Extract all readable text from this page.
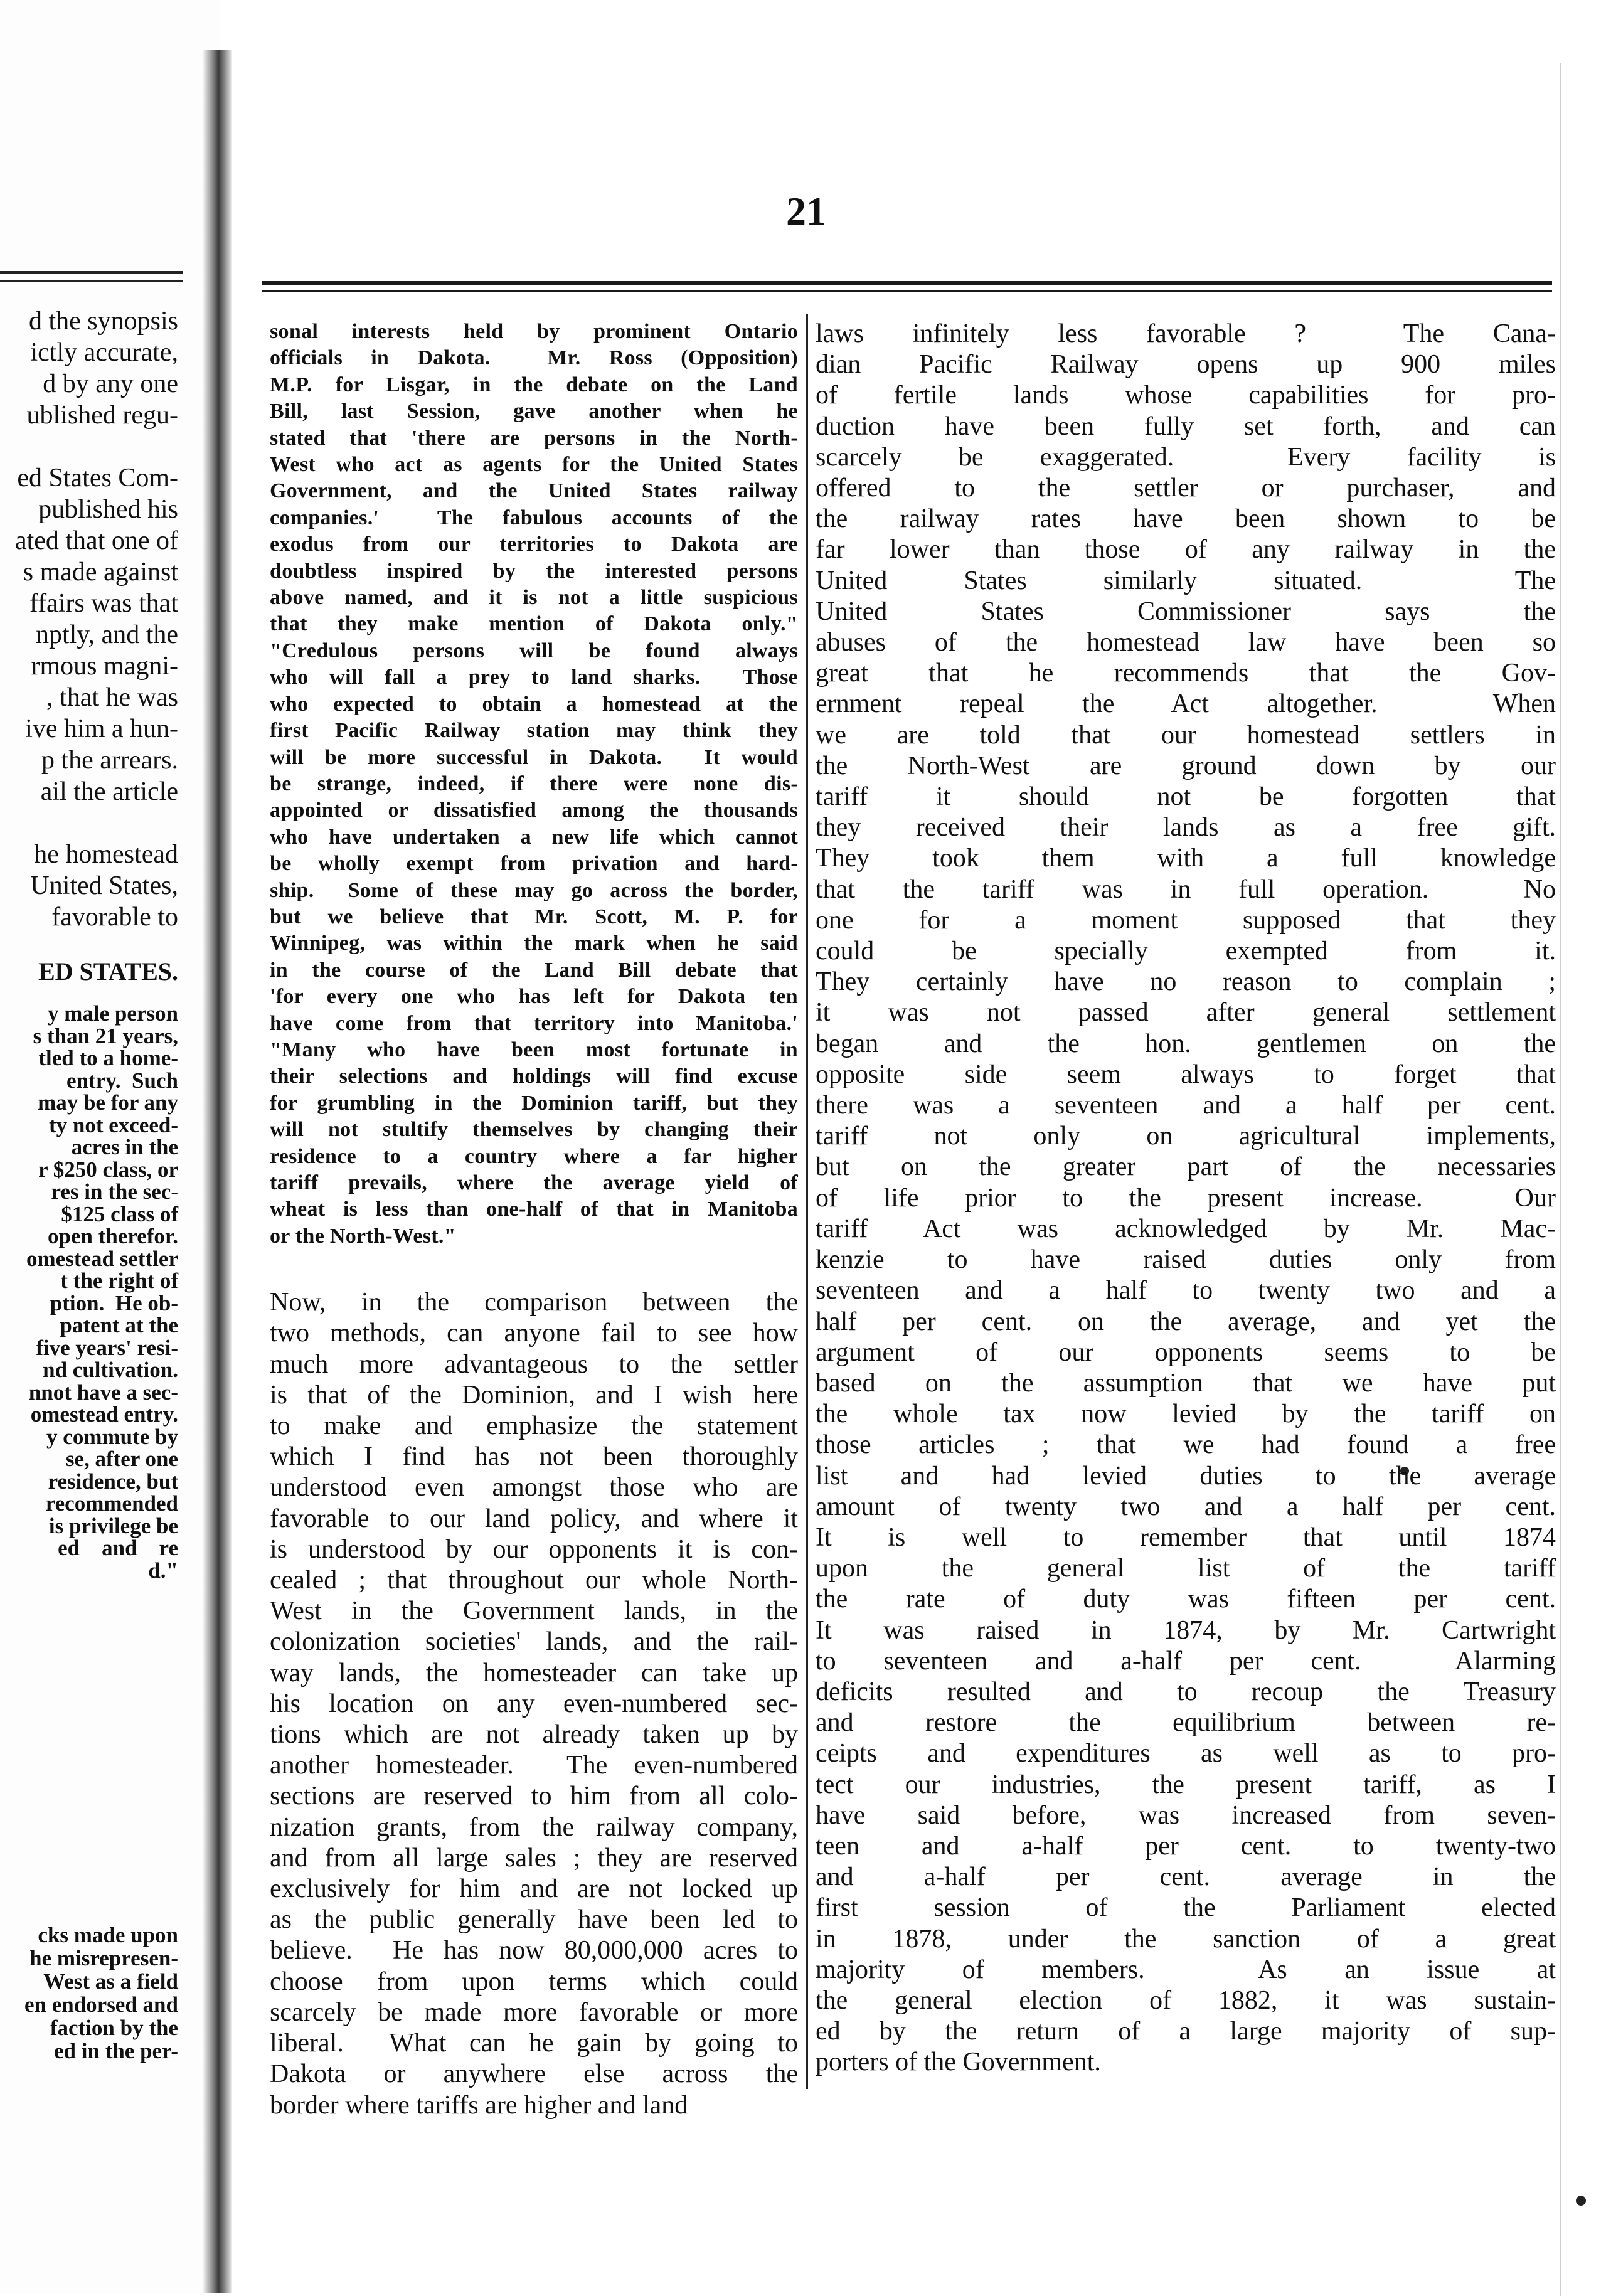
d the synopsis
ictly accurate,
d by any one
ublished regu-
ed States Com-
published his
ated that one of
s made against
ffairs was that
nptly, and the
rmous magni-
, that he was
ive him a hun-
p the arrears.
ail the article
he homestead
United States,
favorable to
ED STATES.
y male person
s than 21 years,
tled to a home-
entry.  Such
may be for any
ty not exceed-
acres in the
r $250 class, or
res in the sec-
$125 class of
open therefor.
omestead settler
t the right of
ption.  He ob-
patent at the
five years' resi-
nd cultivation.
nnot have a sec-
omestead entry.
y commute by
se, after one
residence, but
recommended
is privilege be
ed    and    re
d."
cks made upon
he misrepresen-
West as a field
en endorsed and
faction by the
ed in the per-
21
sonal interests held by prominent Ontario
officials in Dakota.  Mr. Ross (Opposition)
M.P. for Lisgar, in the debate on the Land
Bill, last Session, gave another when he
stated that 'there are persons in the North-
West who act as agents for the United States
Government, and the United States railway
companies.'  The fabulous accounts of the
exodus from our territories to Dakota are
doubtless inspired by the interested persons
above named, and it is not a little suspicious
that they make mention of Dakota only."
"Credulous persons will be found always
who will fall a prey to land sharks.  Those
who expected to obtain a homestead at the
first Pacific Railway station may think they
will be more successful in Dakota.  It would
be strange, indeed, if there were none dis-
appointed or dissatisfied among the thousands
who have undertaken a new life which cannot
be wholly exempt from privation and hard-
ship.  Some of these may go across the border,
but we believe that Mr. Scott, M. P. for
Winnipeg, was within the mark when he said
in the course of the Land Bill debate that
'for every one who has left for Dakota ten
have come from that territory into Manitoba.'
"Many who have been most fortunate in
their selections and holdings will find excuse
for grumbling in the Dominion tariff, but they
will not stultify themselves by changing their
residence to a country where a far higher
tariff prevails, where the average yield of
wheat is less than one-half of that in Manitoba
or the North-West."
Now, in the comparison between the
two methods, can anyone fail to see how
much more advantageous to the settler
is that of the Dominion, and I wish here
to make and emphasize the statement
which I find has not been thoroughly
understood even amongst those who are
favorable to our land policy, and where it
is understood by our opponents it is con-
cealed ; that throughout our whole North-
West in the Government lands, in the
colonization societies' lands, and the rail-
way lands, the homesteader can take up
his location on any even-numbered sec-
tions which are not already taken up by
another homesteader.  The even-numbered
sections are reserved to him from all colo-
nization grants, from the railway company,
and from all large sales ; they are reserved
exclusively for him and are not locked up
as the public generally have been led to
believe.  He has now 80,000,000 acres to
choose from upon terms which could
scarcely be made more favorable or more
liberal.  What can he gain by going to
Dakota or anywhere else across the
border where tariffs are higher and land
laws infinitely less favorable ?  The Cana-
dian Pacific Railway opens up 900 miles
of fertile lands whose capabilities for pro-
duction have been fully set forth, and can
scarcely be exaggerated.  Every facility is
offered to the settler or purchaser, and
the railway rates have been shown to be
far lower than those of any railway in the
United States similarly situated.  The
United States Commissioner says the
abuses of the homestead law have been so
great that he recommends that the Gov-
ernment repeal the Act altogether.  When
we are told that our homestead settlers in
the North-West are ground down by our
tariff it should not be forgotten that
they received their lands as a free gift.
They took them with a full knowledge
that the tariff was in full operation.  No
one for a moment supposed that they
could be specially exempted from it.
They certainly have no reason to complain ;
it was not passed after general settlement
began and the hon. gentlemen on the
opposite side seem always to forget that
there was a seventeen and a half per cent.
tariff not only on agricultural implements,
but on the greater part of the necessaries
of life prior to the present increase.  Our
tariff Act was acknowledged by Mr. Mac-
kenzie to have raised duties only from
seventeen and a half to twenty two and a
half per cent. on the average, and yet the
argument of our opponents seems to be
based on the assumption that we have put
the whole tax now levied by the tariff on
those articles ; that we had found a free
list and had levied duties to the average
amount of twenty two and a half per cent.
It is well to remember that until 1874
upon the general list of the tariff
the rate of duty was fifteen per cent.
It was raised in 1874, by Mr. Cartwright
to seventeen and a-half per cent.  Alarming
deficits resulted and to recoup the Treasury
and restore the equilibrium between re-
ceipts and expenditures as well as to pro-
tect our industries, the present tariff, as I
have said before, was increased from seven-
teen and a-half per cent. to twenty-two
and a-half per cent. average in the
first session of the Parliament elected
in 1878, under the sanction of a great
majority of members.  As an issue at
the general election of 1882, it was sustain-
ed by the return of a large majority of sup-
porters of the Government.
